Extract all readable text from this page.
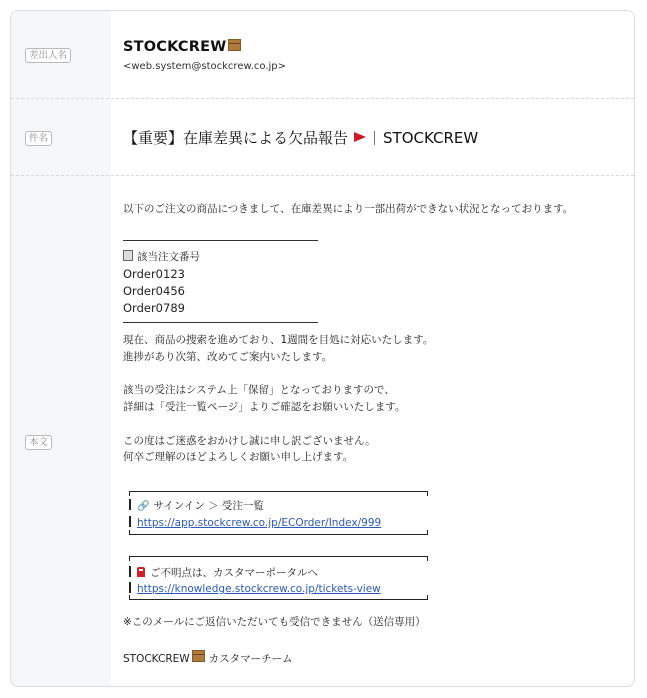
差出人名
STOCKCREW
<web.system@stockcrew.co.jp>
件名	【重要】在庫差異による欠品報告 STOCKCREW
本文
以下のご注文の商品につきまして、在庫差異により一部出荷ができない状況となっております。
該当注文番号
Order0123
Order0456
Order0789
現在、商品の捜索を進めており、1週間を目処に対応いたします。
進捗があり次第、改めてご案内いたします。
該当の受注はシステム上「保留」となっておりますので、
詳細は「受注一覧ページ」よりご確認をお願いいたします。
この度はご迷惑をおかけし誠に申し訳ございません。
何卒ご理解のほどよろしくお願い申し上げます。
🔗 サインイン ＞ 受注一覧
https://app.stockcrew.co.jp/ECOrder/Index/999
ご不明点は、カスタマーポータルへ
https://knowledge.stockcrew.co.jp/tickets-view
※このメールにご返信いただいても受信できません（送信専用）
STOCKCREW カスタマーチーム
